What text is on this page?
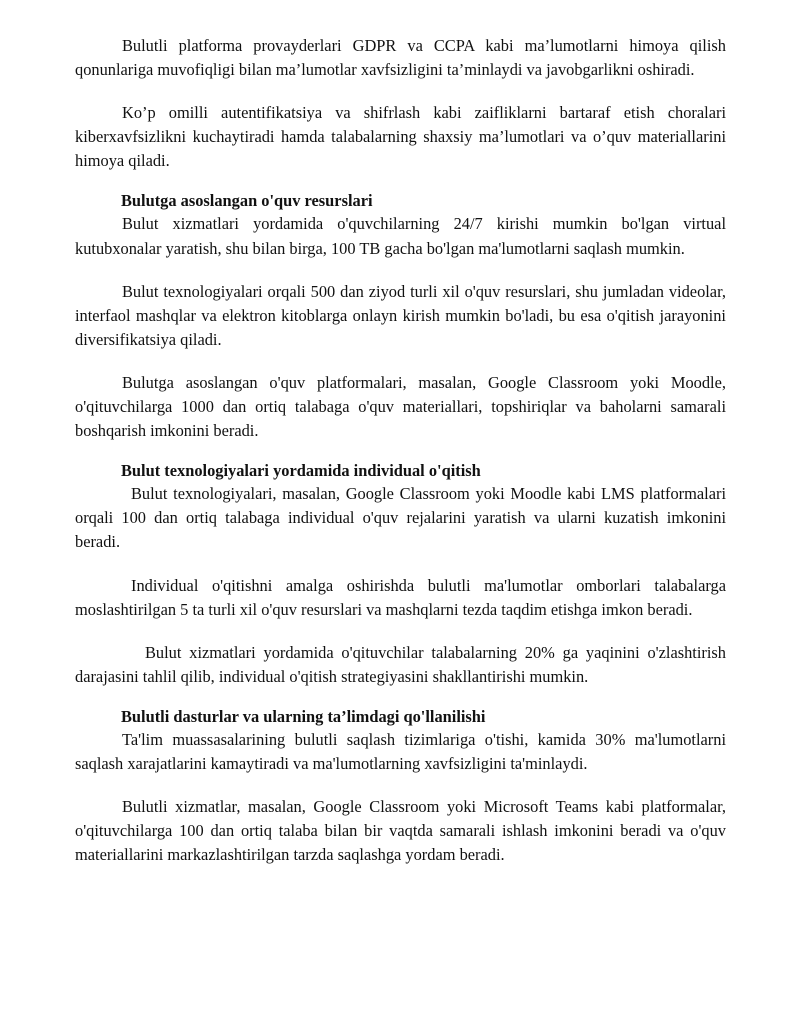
Bulutli platforma provayderlari GDPR va CCPA kabi ma’lumotlarni himoya qilish qonunlariga muvofiqligi bilan ma’lumotlar xavfsizligini ta’minlaydi va javobgarlikni oshiradi.

Ko’p omilli autentifikatsiya va shifrlash kabi zaifliklarni bartaraf etish choralari kiberxavfsizlikni kuchaytiradi hamda talabalarning shaxsiy ma’lumotlari va o’quv materiallarini himoya qiladi.

Bulutga asoslangan o'quv resurslari

Bulut xizmatlari yordamida o'quvchilarning 24/7 kirishi mumkin bo'lgan virtual kutubxonalar yaratish, shu bilan birga, 100 TB gacha bo'lgan ma'lumotlarni saqlash mumkin.

Bulut texnologiyalari orqali 500 dan ziyod turli xil o'quv resurslari, shu jumladan videolar, interfaol mashqlar va elektron kitoblarga onlayn kirish mumkin bo'ladi, bu esa o'qitish jarayonini diversifikatsiya qiladi.

Bulutga asoslangan o'quv platformalari, masalan, Google Classroom yoki Moodle, o'qituvchilarga 1000 dan ortiq talabaga o'quv materiallari, topshiriqlar va baholarni samarali boshqarish imkonini beradi.

Bulut texnologiyalari yordamida individual o'qitish

Bulut texnologiyalari, masalan, Google Classroom yoki Moodle kabi LMS platformalari orqali 100 dan ortiq talabaga individual o'quv rejalarini yaratish va ularni kuzatish imkonini beradi.

Individual o'qitishni amalga oshirishda bulutli ma'lumotlar omborlari talabalarga moslashtirilgan 5 ta turli xil o'quv resurslari va mashqlarni tezda taqdim etishga imkon beradi.

Bulut xizmatlari yordamida o'qituvchilar talabalarning 20% ga yaqinini o'zlashtirish darajasini tahlil qilib, individual o'qitish strategiyasini shakllantirishi mumkin.

Bulutli dasturlar va ularning ta’limdagi qo'llanilishi

Ta'lim muassasalarining bulutli saqlash tizimlariga o'tishi, kamida 30% ma'lumotlarni saqlash xarajatlarini kamaytiradi va ma'lumotlarning xavfsizligini ta'minlaydi.

Bulutli xizmatlar, masalan, Google Classroom yoki Microsoft Teams kabi platformalar, o'qituvchilarga 100 dan ortiq talaba bilan bir vaqtda samarali ishlash imkonini beradi va o'quv materiallarini markazlashtirilgan tarzda saqlashga yordam beradi.
